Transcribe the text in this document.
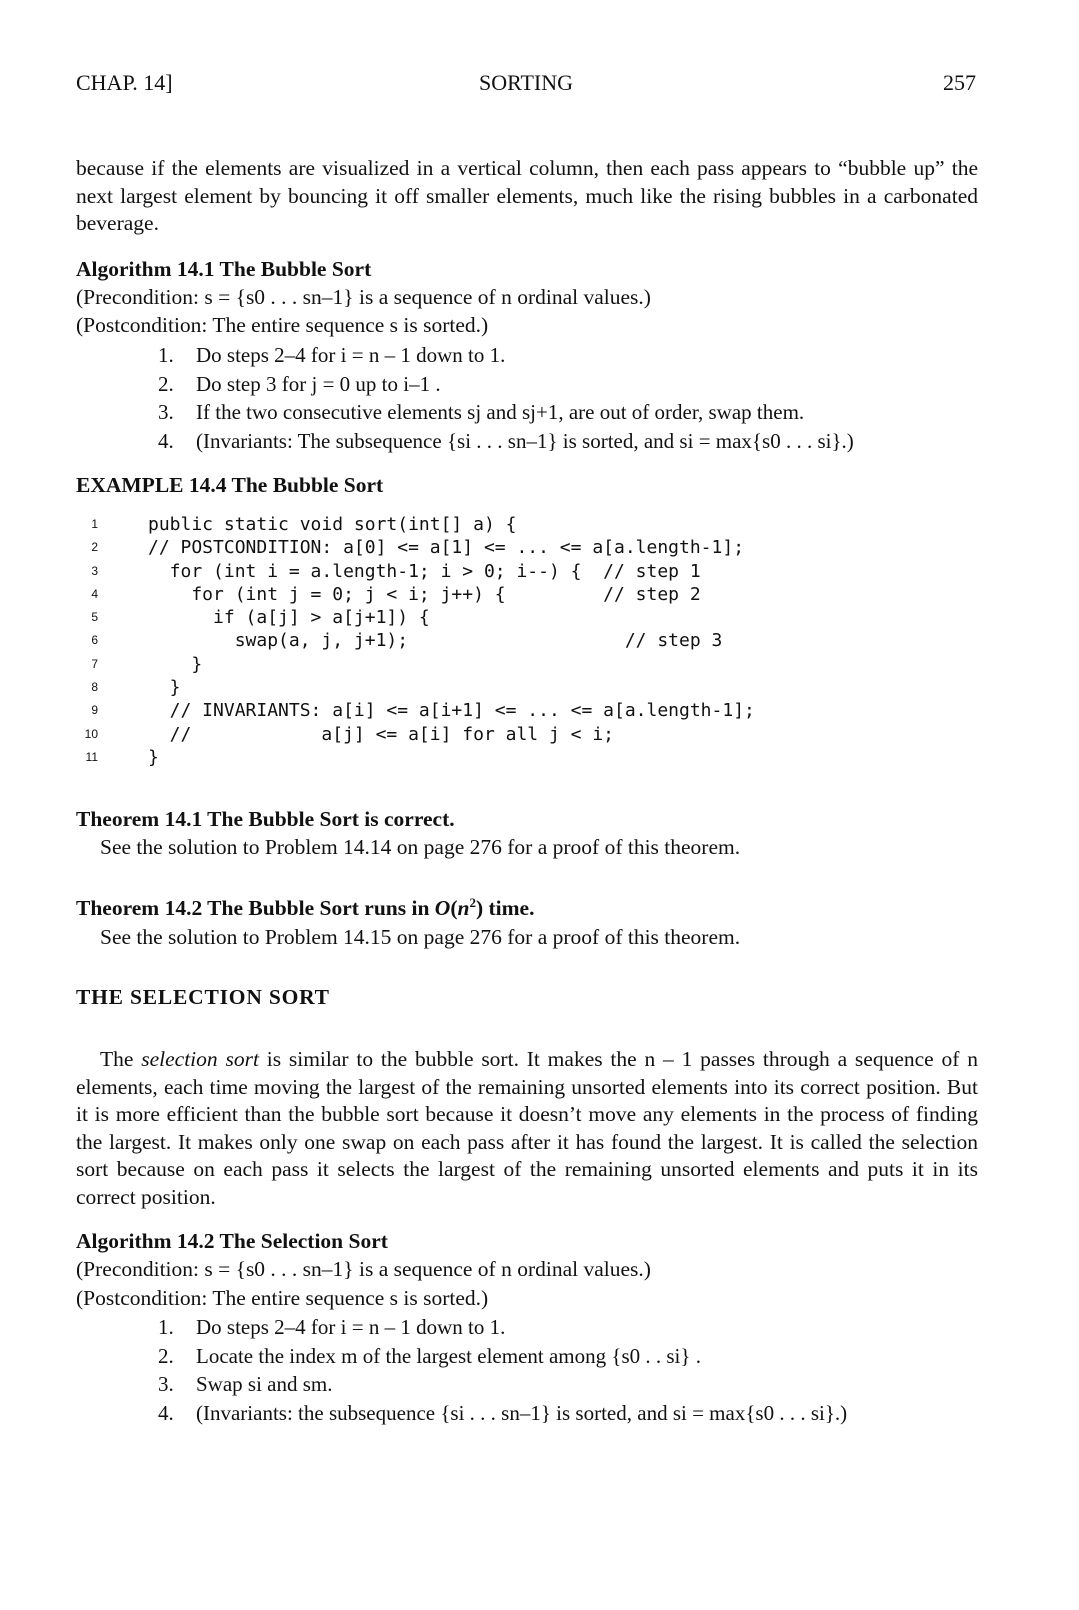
CHAP. 14]	SORTING	257
because if the elements are visualized in a vertical column, then each pass appears to “bubble up” the next largest element by bouncing it off smaller elements, much like the rising bubbles in a carbonated beverage.
Algorithm 14.1 The Bubble Sort
(Precondition: s = {s0 . . . sn–1} is a sequence of n ordinal values.)
(Postcondition: The entire sequence s is sorted.)
1. Do steps 2–4 for i = n – 1 down to 1.
2. Do step 3 for j = 0 up to i–1 .
3. If the two consecutive elements sj and sj+1, are out of order, swap them.
4. (Invariants: The subsequence {si . . . sn–1} is sorted, and si = max{s0 . . . si}.)
EXAMPLE 14.4 The Bubble Sort
1	public static void sort(int[] a) {
2	// POSTCONDITION: a[0] <= a[1] <= ... <= a[a.length-1];
3	for (int i = a.length-1; i > 0; i--) {  // step 1
4	for (int j = 0; j < i; j++) {         // step 2
5	if (a[j] > a[j+1]) {
6	swap(a, j, j+1);                    // step 3
7	}
8	}
9	// INVARIANTS: a[i] <= a[i+1] <= ... <= a[a.length-1];
10	//            a[j] <= a[i] for all j < i;
11	}
Theorem 14.1 The Bubble Sort is correct.
See the solution to Problem 14.14 on page 276 for a proof of this theorem.
Theorem 14.2 The Bubble Sort runs in $O(n^2)$ time.
See the solution to Problem 14.15 on page 276 for a proof of this theorem.
THE SELECTION SORT
The selection sort is similar to the bubble sort. It makes the n – 1 passes through a sequence of n elements, each time moving the largest of the remaining unsorted elements into its correct position. But it is more efficient than the bubble sort because it doesn’t move any elements in the process of finding the largest. It makes only one swap on each pass after it has found the largest. It is called the selection sort because on each pass it selects the largest of the remaining unsorted elements and puts it in its correct position.
Algorithm 14.2 The Selection Sort
(Precondition: s = {s0 . . . sn–1} is a sequence of n ordinal values.)
(Postcondition: The entire sequence s is sorted.)
1. Do steps 2–4 for i = n – 1 down to 1.
2. Locate the index m of the largest element among {s0 . . si} .
3. Swap si and sm.
4. (Invariants: the subsequence {si . . . sn–1} is sorted, and si = max{s0 . . . si}.)
